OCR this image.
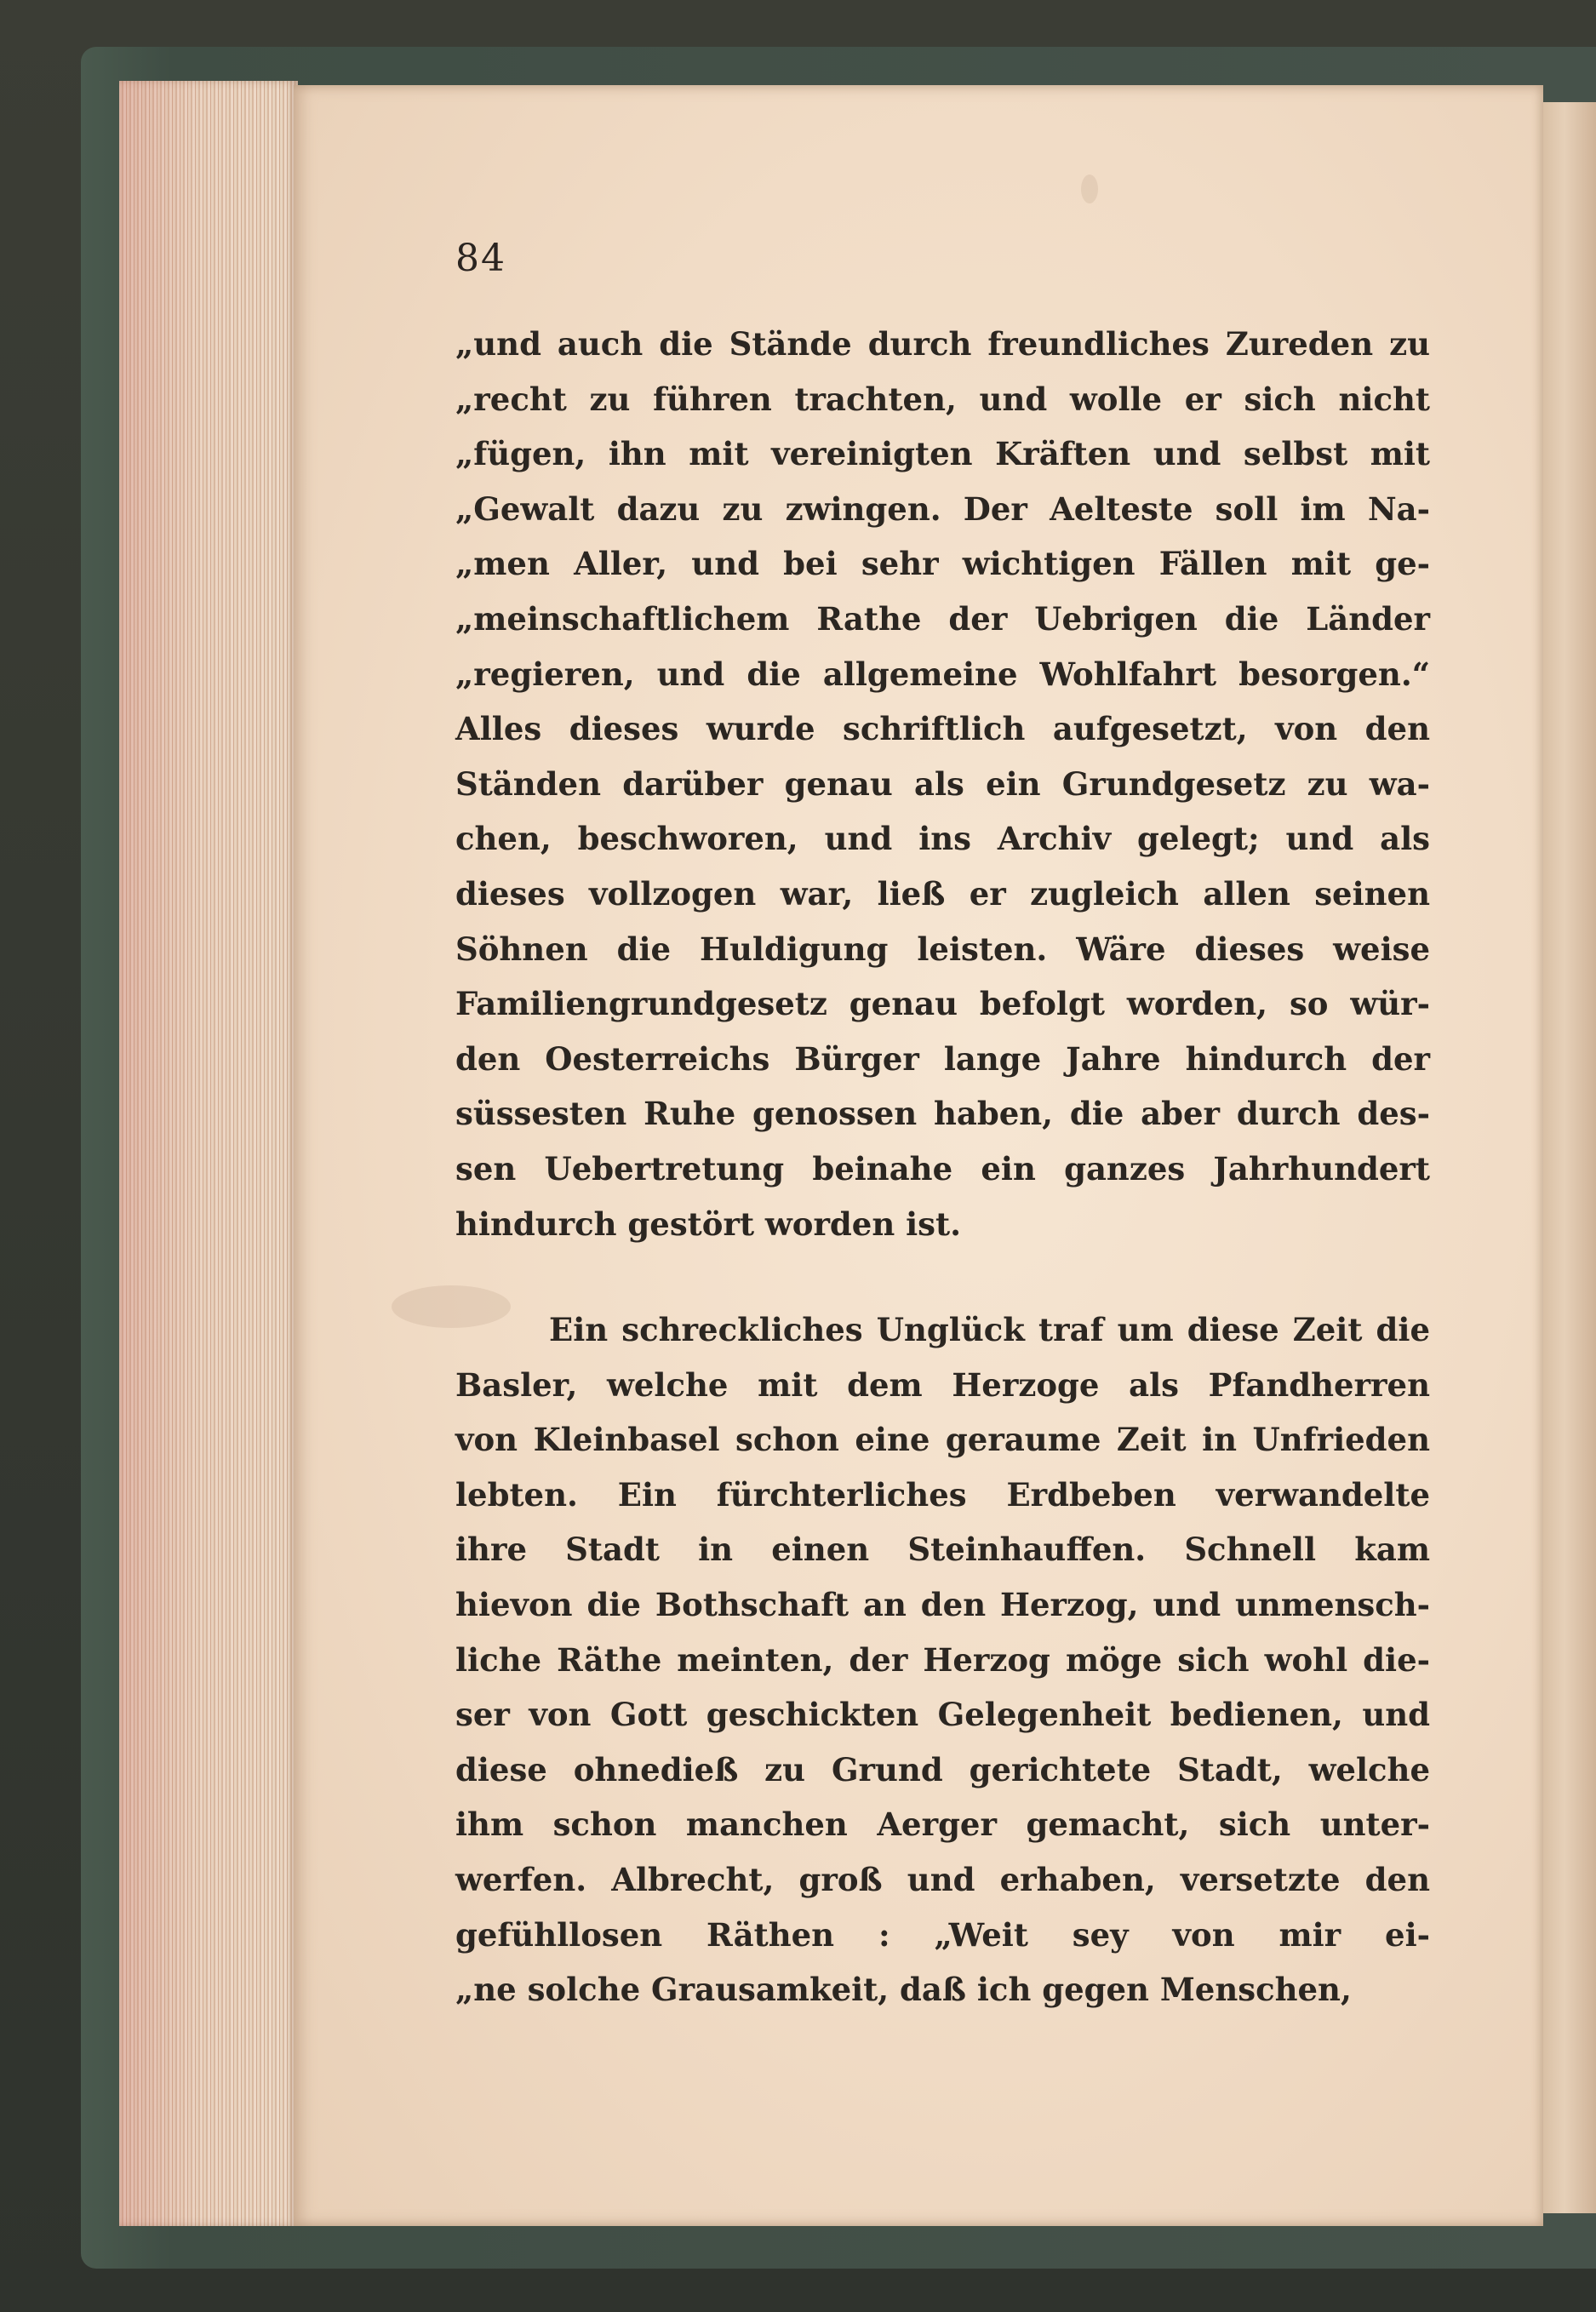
84
„und auch die Stände durch freundliches Zureden zu
„recht zu führen trachten, und wolle er sich nicht
„fügen, ihn mit vereinigten Kräften und selbst mit
„Gewalt dazu zu zwingen. Der Aelteste soll im Na-
„men Aller, und bei sehr wichtigen Fällen mit ge-
„meinschaftlichem Rathe der Uebrigen die Länder
„regieren, und die allgemeine Wohlfahrt besorgen.“
Alles dieses wurde schriftlich aufgesetzt, von den
Ständen darüber genau als ein Grundgesetz zu wa-
chen, beschworen, und ins Archiv gelegt; und als
dieses vollzogen war, ließ er zugleich allen seinen
Söhnen die Huldigung leisten. Wäre dieses weise
Familiengrundgesetz genau befolgt worden, so wür-
den Oesterreichs Bürger lange Jahre hindurch der
süssesten Ruhe genossen haben, die aber durch des-
sen Uebertretung beinahe ein ganzes Jahrhundert
hindurch gestört worden ist.
Ein schreckliches Unglück traf um diese Zeit die
Basler, welche mit dem Herzoge als Pfandherren
von Kleinbasel schon eine geraume Zeit in Unfrieden
lebten. Ein fürchterliches Erdbeben verwandelte
ihre Stadt in einen Steinhauffen. Schnell kam
hievon die Bothschaft an den Herzog, und unmensch-
liche Räthe meinten, der Herzog möge sich wohl die-
ser von Gott geschickten Gelegenheit bedienen, und
diese ohnedieß zu Grund gerichtete Stadt, welche
ihm schon manchen Aerger gemacht, sich unter-
werfen. Albrecht, groß und erhaben, versetzte den
gefühllosen Räthen : „Weit sey von mir ei-
„ne solche Grausamkeit, daß ich gegen Menschen,
